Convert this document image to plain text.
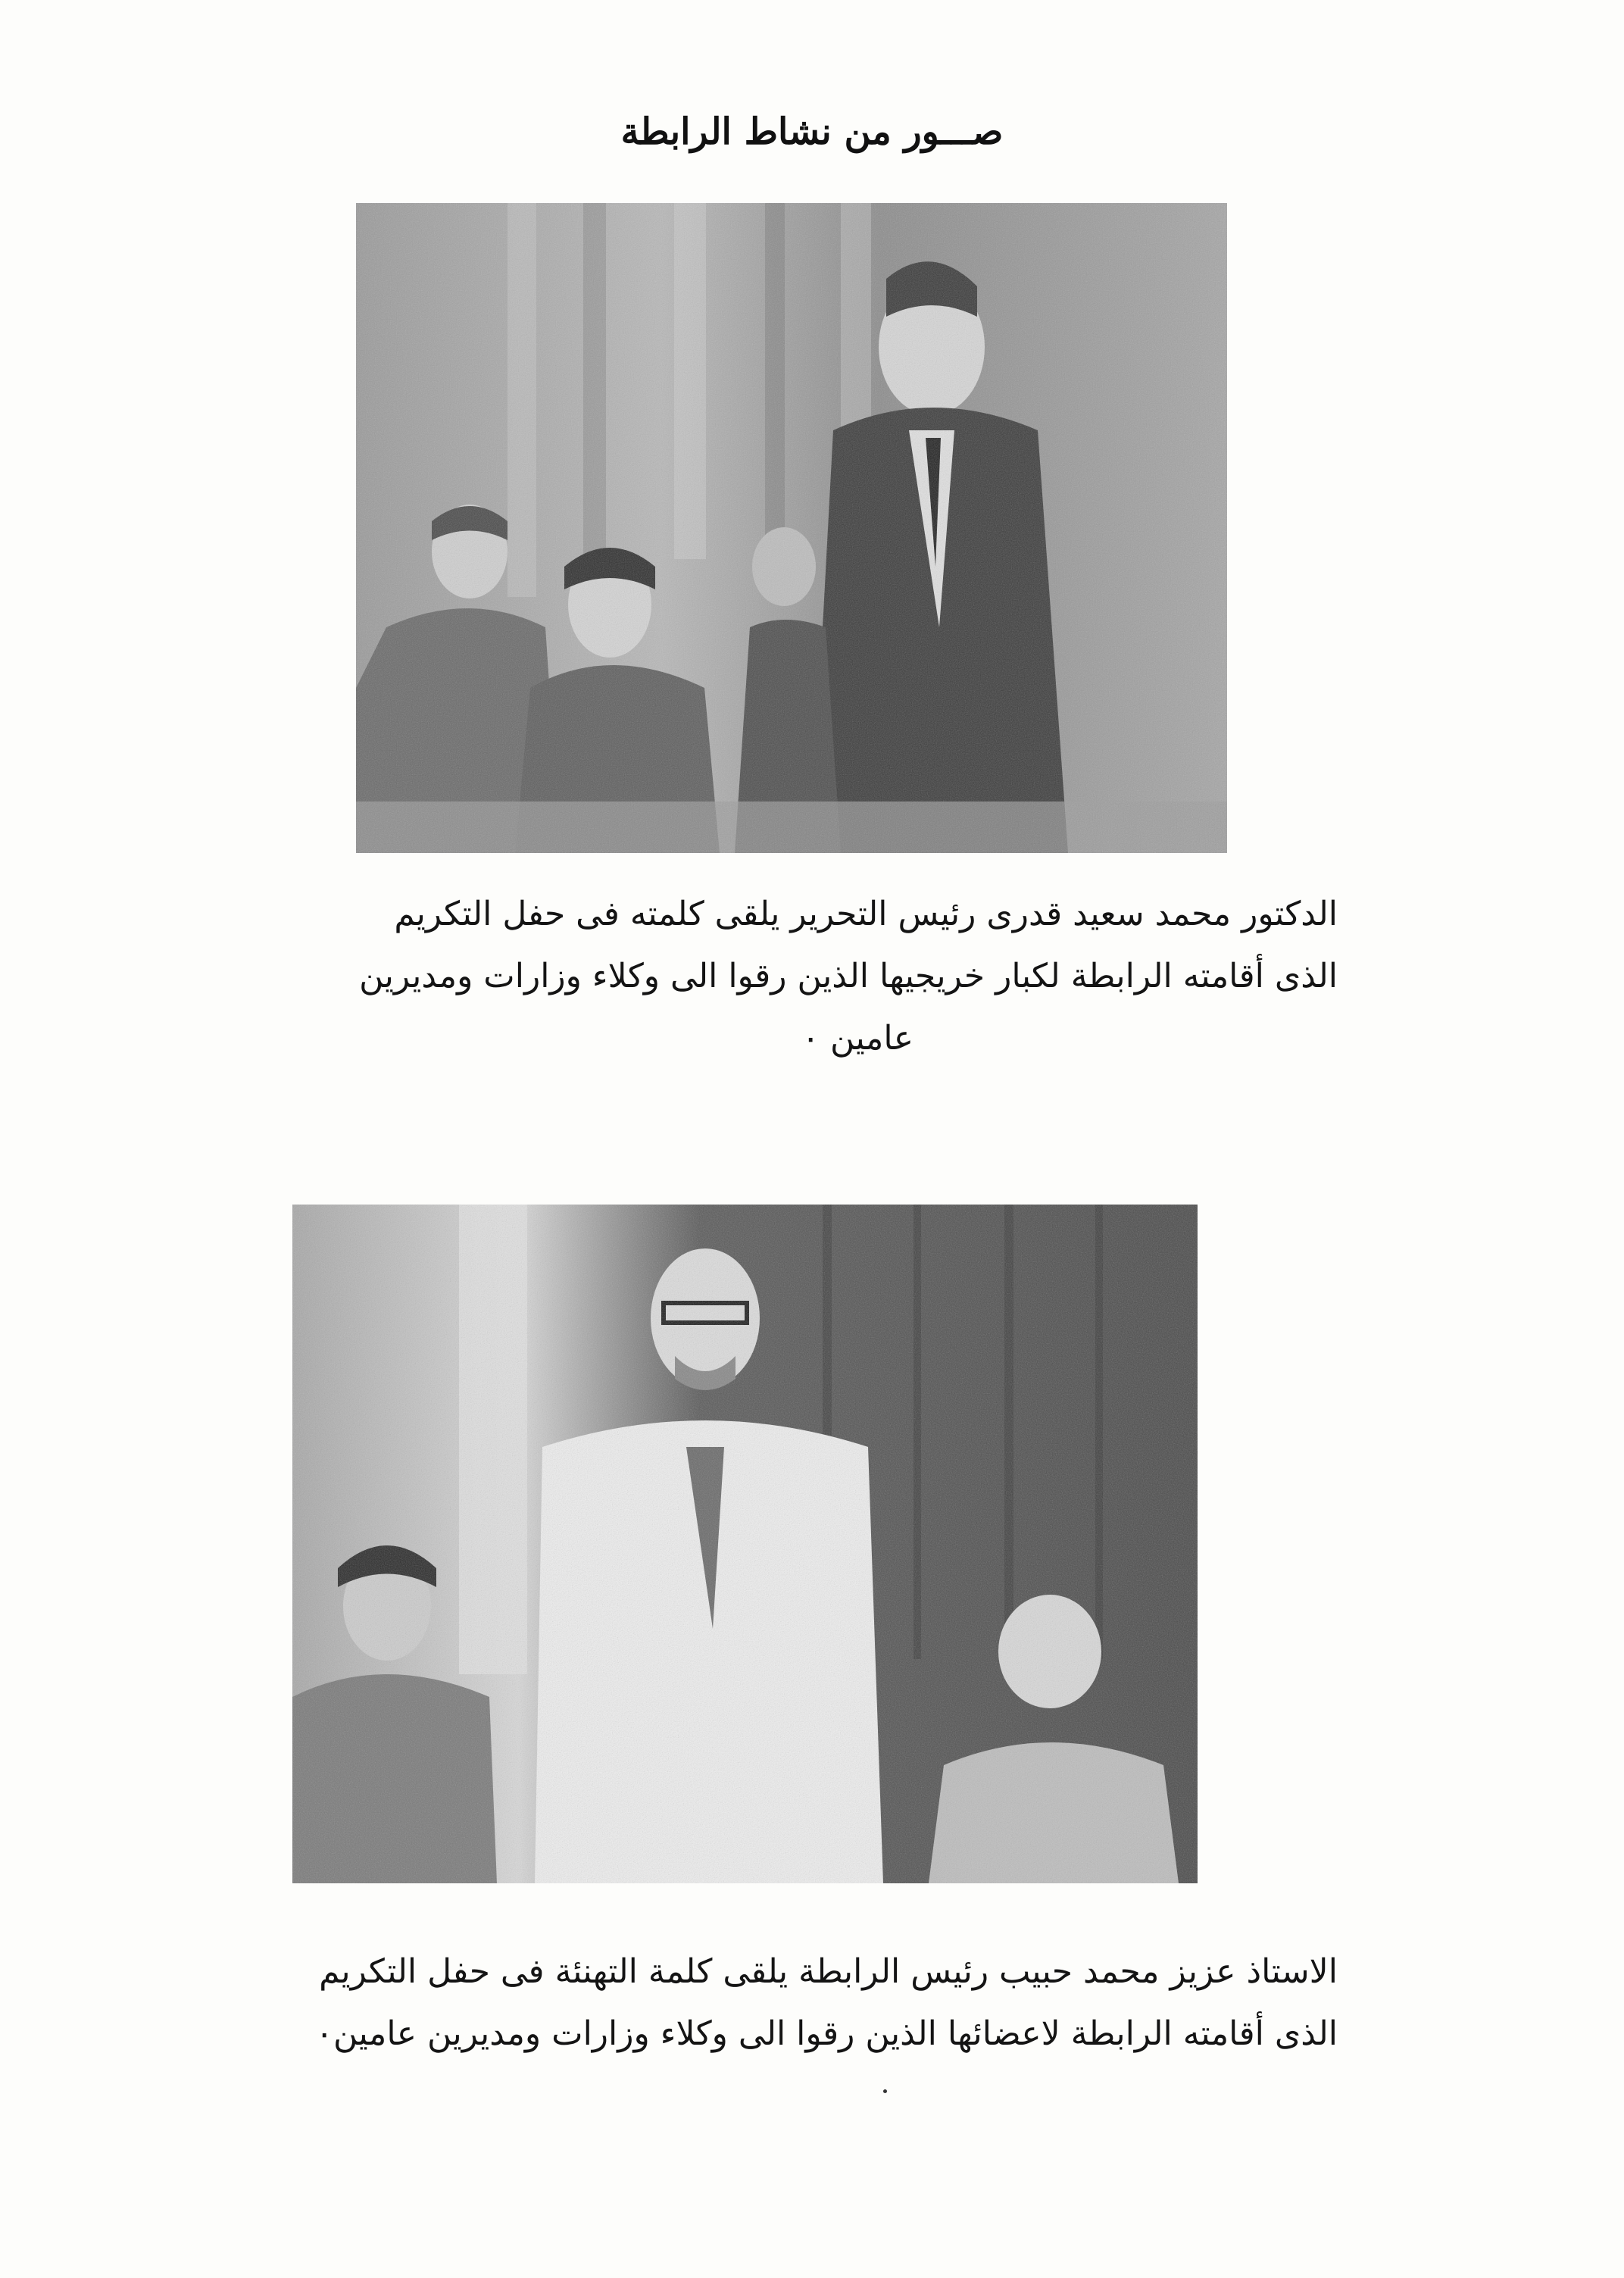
صـــور من نشاط الرابطة
الدكتور محمد سعيد قدرى رئيس التحرير يلقى كلمته فى حفل التكريم
الذى أقامته الرابطة لكبار خريجيها الذين رقوا الى وكلاء وزارات ومديرين
عامين ٠
الاستاذ عزيز محمد حبيب رئيس الرابطة يلقى كلمة التهنئة فى حفل التكريم
الذى أقامته الرابطة لاعضائها الذين رقوا الى وكلاء وزارات ومديرين عامين٠
